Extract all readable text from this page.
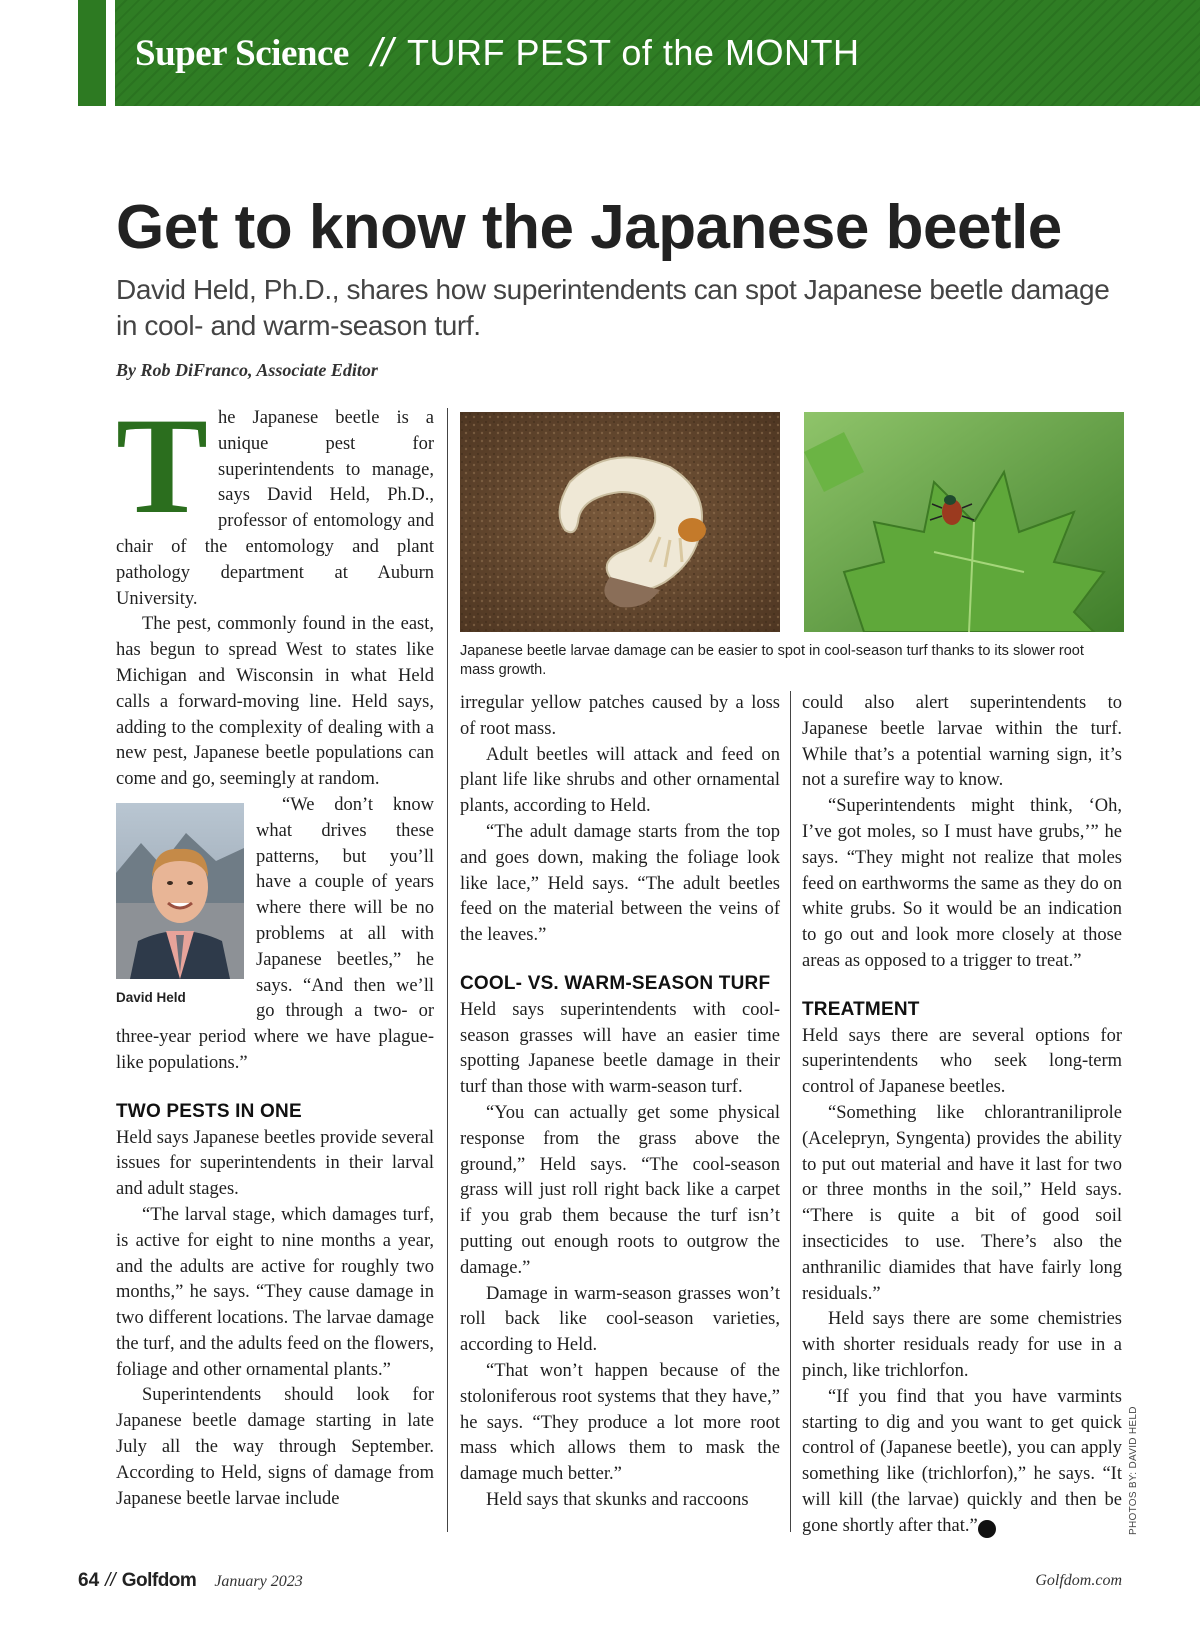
Super Science // TURF PEST of the MONTH
Get to know the Japanese beetle
David Held, Ph.D., shares how superintendents can spot Japanese beetle damage in cool- and warm-season turf.
By Rob DiFranco, Associate Editor

The Japanese beetle is a unique pest for superintendents to manage, says David Held, Ph.D., professor of entomology and chair of the entomology and plant pathology department at Auburn University.

The pest, commonly found in the east, has begun to spread West to states like Michigan and Wisconsin in what Held calls a forward-moving line. Held says, adding to the complexity of dealing with a new pest, Japanese beetle populations can come and go, seemingly at random.

David Held

“We don’t know what drives these patterns, but you’ll have a couple of years where there will be no problems at all with Japanese beetles,” he says. “And then we’ll go through a two- or three-year period where we have plague-like populations.”

TWO PESTS IN ONE

Held says Japanese beetles provide several issues for superintendents in their larval and adult stages.

“The larval stage, which damages turf, is active for eight to nine months a year, and the adults are active for roughly two months,” he says. “They cause damage in two different locations. The larvae damage the turf, and the adults feed on the flowers, foliage and other ornamental plants.”

Superintendents should look for Japanese beetle damage starting in late July all the way through September. According to Held, signs of damage from Japanese beetle larvae include

Japanese beetle larvae damage can be easier to spot in cool-season turf thanks to its slower root mass growth.

irregular yellow patches caused by a loss of root mass.

Adult beetles will attack and feed on plant life like shrubs and other ornamental plants, according to Held.

“The adult damage starts from the top and goes down, making the foliage look like lace,” Held says. “The adult beetles feed on the material between the veins of the leaves.”

COOL- VS. WARM-SEASON TURF

Held says superintendents with cool-season grasses will have an easier time spotting Japanese beetle damage in their turf than those with warm-season turf.

“You can actually get some physical response from the grass above the ground,” Held says. “The cool-season grass will just roll right back like a carpet if you grab them because the turf isn’t putting out enough roots to outgrow the damage.”

Damage in warm-season grasses won’t roll back like cool-season varieties, according to Held.

“That won’t happen because of the stoloniferous root systems that they have,” he says. “They produce a lot more root mass which allows them to mask the damage much better.”

Held says that skunks and raccoons

could also alert superintendents to Japanese beetle larvae within the turf. While that’s a potential warning sign, it’s not a surefire way to know.

“Superintendents might think, ‘Oh, I’ve got moles, so I must have grubs,’” he says. “They might not realize that moles feed on earthworms the same as they do on white grubs. So it would be an indication to go out and look more closely at those areas as opposed to a trigger to treat.”

TREATMENT

Held says there are several options for superintendents who seek long-term control of Japanese beetles.

“Something like chlorantraniliprole (Acelepryn, Syngenta) provides the ability to put out material and have it last for two or three months in the soil,” Held says. “There is quite a bit of good soil insecticides to use. There’s also the anthranilic diamides that have fairly long residuals.”

Held says there are some chemistries with shorter residuals ready for use in a pinch, like trichlorfon.

“If you find that you have varmints starting to dig and you want to get quick control of (Japanese beetle), you can apply something like (trichlorfon),” he says. “It will kill (the larvae) quickly and then be gone shortly after that.” G	PHOTOS BY: DAVID HELD
64 // Golfdom January 2023	Golfdom.com
